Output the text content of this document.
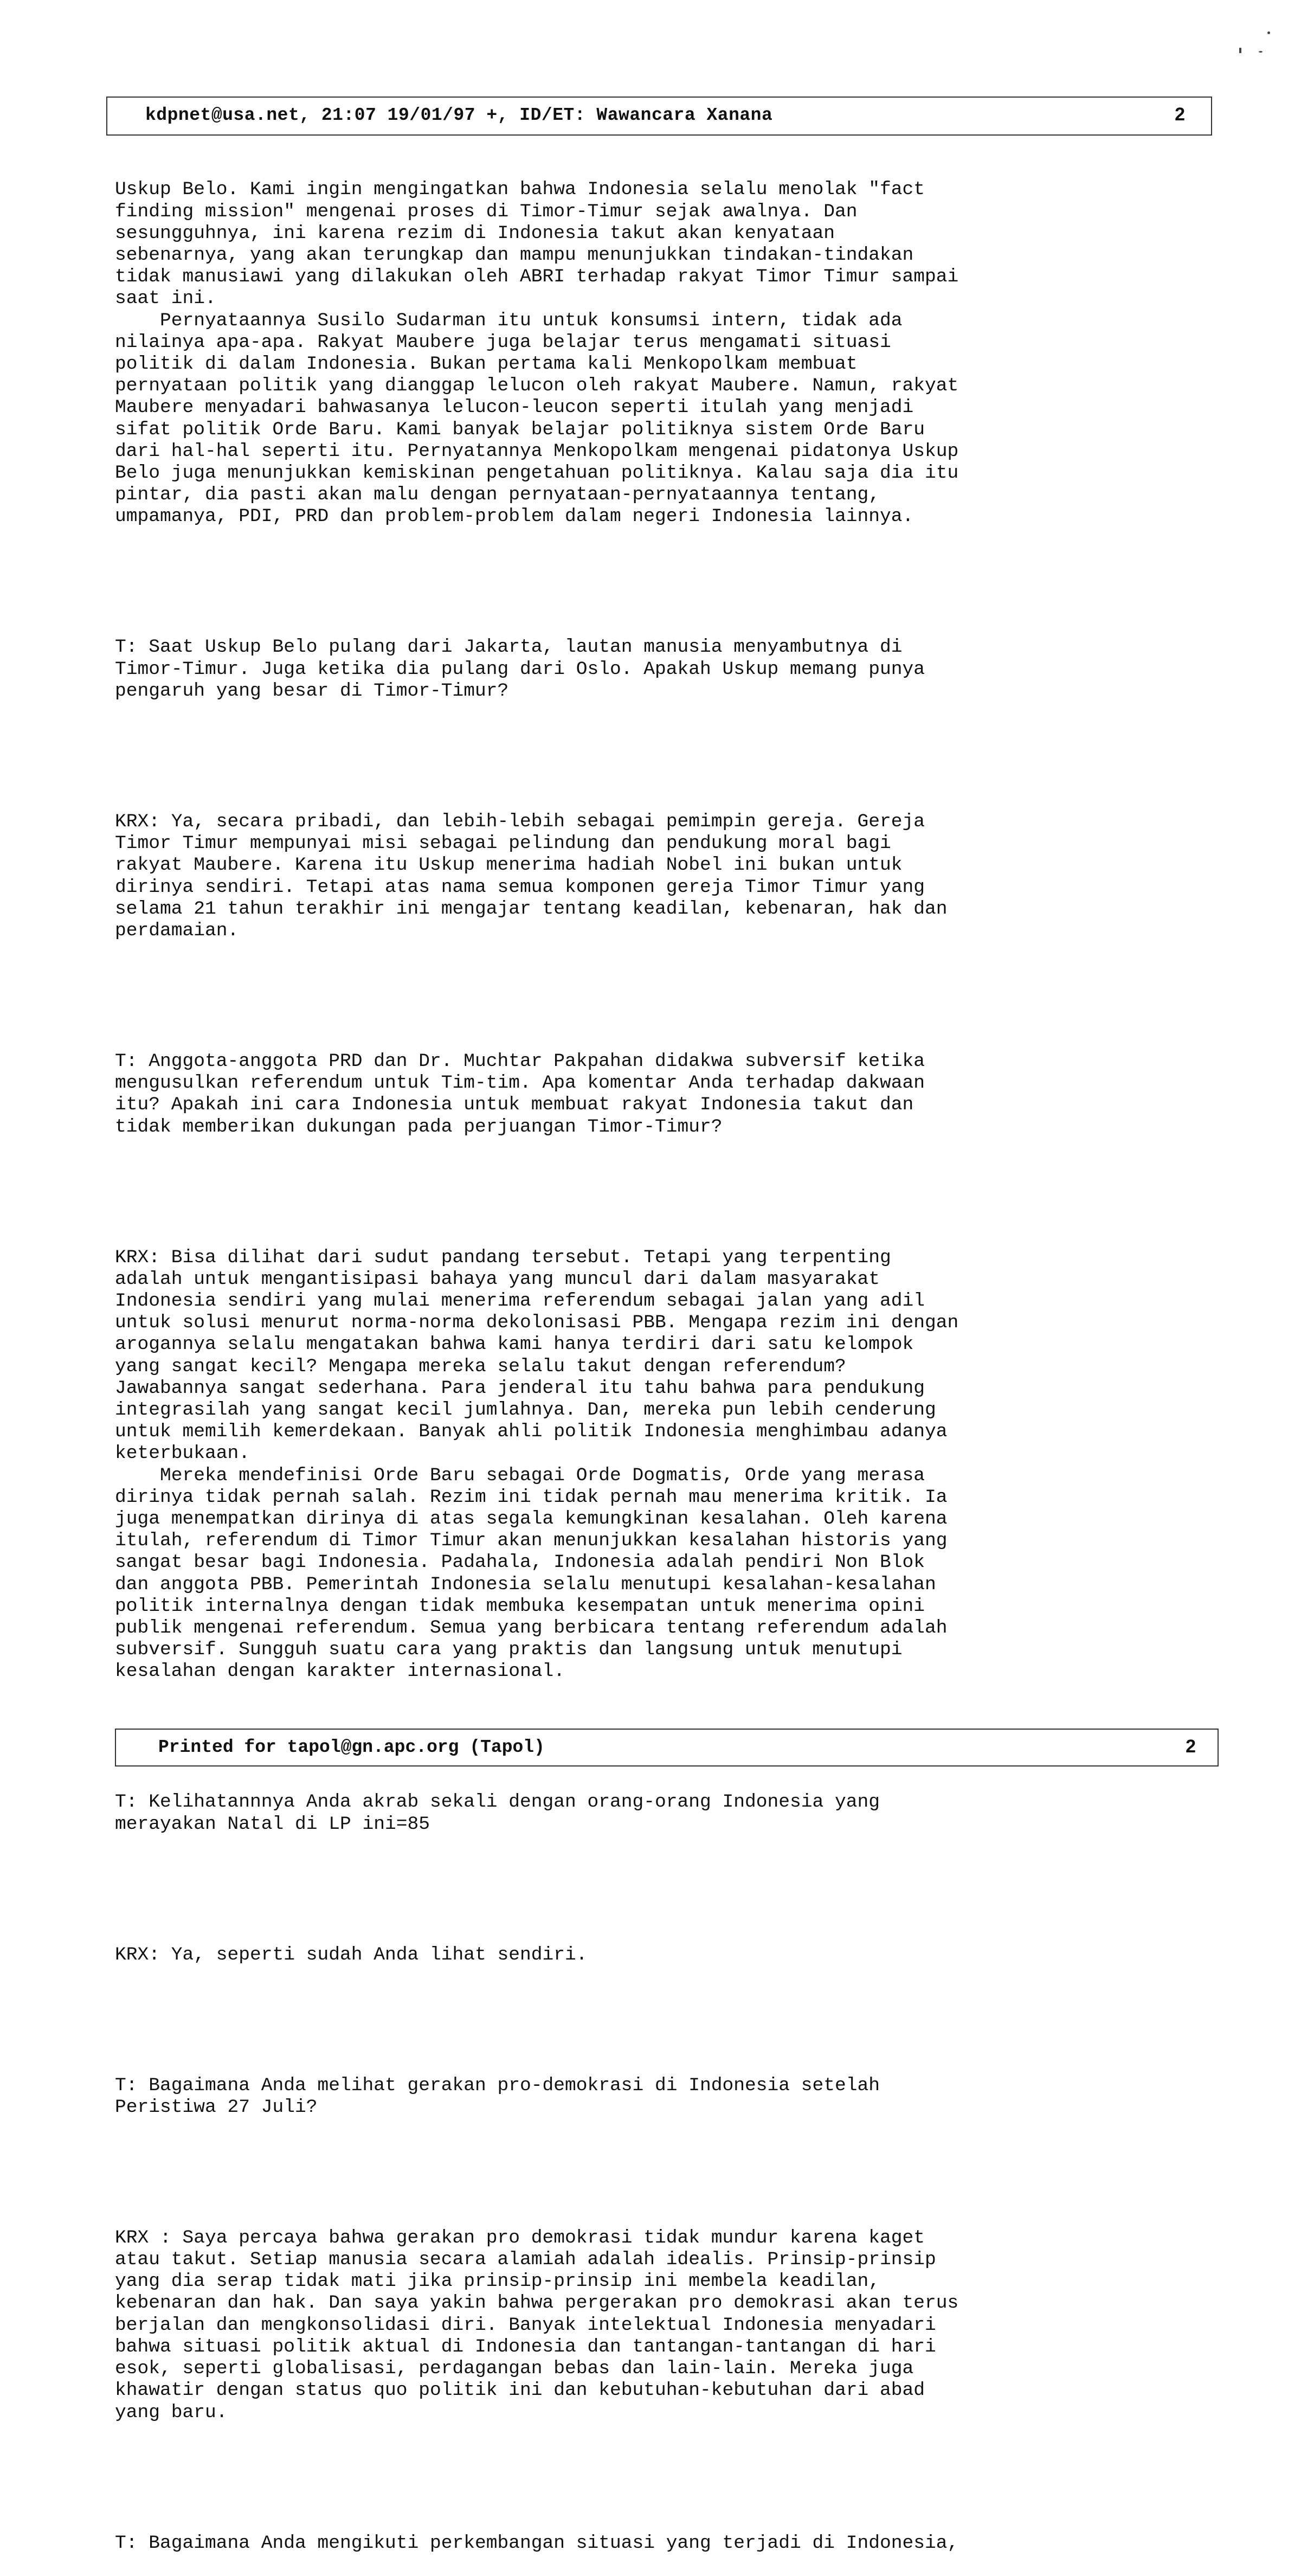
kdpnet@usa.net, 21:07 19/01/97 +, ID/ET: Wawancara Xanana	2

Uskup Belo. Kami ingin mengingatkan bahwa Indonesia selalu menolak "fact
finding mission" mengenai proses di Timor-Timur sejak awalnya. Dan
sesungguhnya, ini karena rezim di Indonesia takut akan kenyataan
sebenarnya, yang akan terungkap dan mampu menunjukkan tindakan-tindakan
tidak manusiawi yang dilakukan oleh ABRI terhadap rakyat Timor Timur sampai
saat ini.
Pernyataannya Susilo Sudarman itu untuk konsumsi intern, tidak ada
nilainya apa-apa. Rakyat Maubere juga belajar terus mengamati situasi
politik di dalam Indonesia. Bukan pertama kali Menkopolkam membuat
pernyataan politik yang dianggap lelucon oleh rakyat Maubere. Namun, rakyat
Maubere menyadari bahwasanya lelucon-leucon seperti itulah yang menjadi
sifat politik Orde Baru. Kami banyak belajar politiknya sistem Orde Baru
dari hal-hal seperti itu. Pernyatannya Menkopolkam mengenai pidatonya Uskup
Belo juga menunjukkan kemiskinan pengetahuan politiknya. Kalau saja dia itu
pintar, dia pasti akan malu dengan pernyataan-pernyataannya tentang,
umpamanya, PDI, PRD dan problem-problem dalam negeri Indonesia lainnya.

T: Saat Uskup Belo pulang dari Jakarta, lautan manusia menyambutnya di
Timor-Timur. Juga ketika dia pulang dari Oslo. Apakah Uskup memang punya
pengaruh yang besar di Timor-Timur?

KRX: Ya, secara pribadi, dan lebih-lebih sebagai pemimpin gereja. Gereja
Timor Timur mempunyai misi sebagai pelindung dan pendukung moral bagi
rakyat Maubere. Karena itu Uskup menerima hadiah Nobel ini bukan untuk
dirinya sendiri. Tetapi atas nama semua komponen gereja Timor Timur yang
selama 21 tahun terakhir ini mengajar tentang keadilan, kebenaran, hak dan
perdamaian.

T: Anggota-anggota PRD dan Dr. Muchtar Pakpahan didakwa subversif ketika
mengusulkan referendum untuk Tim-tim. Apa komentar Anda terhadap dakwaan
itu? Apakah ini cara Indonesia untuk membuat rakyat Indonesia takut dan
tidak memberikan dukungan pada perjuangan Timor-Timur?

KRX: Bisa dilihat dari sudut pandang tersebut. Tetapi yang terpenting
adalah untuk mengantisipasi bahaya yang muncul dari dalam masyarakat
Indonesia sendiri yang mulai menerima referendum sebagai jalan yang adil
untuk solusi menurut norma-norma dekolonisasi PBB. Mengapa rezim ini dengan
arogannya selalu mengatakan bahwa kami hanya terdiri dari satu kelompok
yang sangat kecil? Mengapa mereka selalu takut dengan referendum?
Jawabannya sangat sederhana. Para jenderal itu tahu bahwa para pendukung
integrasilah yang sangat kecil jumlahnya. Dan, mereka pun lebih cenderung
untuk memilih kemerdekaan. Banyak ahli politik Indonesia menghimbau adanya
keterbukaan.
Mereka mendefinisi Orde Baru sebagai Orde Dogmatis, Orde yang merasa
dirinya tidak pernah salah. Rezim ini tidak pernah mau menerima kritik. Ia
juga menempatkan dirinya di atas segala kemungkinan kesalahan. Oleh karena
itulah, referendum di Timor Timur akan menunjukkan kesalahan historis yang
sangat besar bagi Indonesia. Padahala, Indonesia adalah pendiri Non Blok
dan anggota PBB. Pemerintah Indonesia selalu menutupi kesalahan-kesalahan
politik internalnya dengan tidak membuka kesempatan untuk menerima opini
publik mengenai referendum. Semua yang berbicara tentang referendum adalah
subversif. Sungguh suatu cara yang praktis dan langsung untuk menutupi
kesalahan dengan karakter internasional.

T: Kelihatannnya Anda akrab sekali dengan orang-orang Indonesia yang
merayakan Natal di LP ini=85

KRX: Ya, seperti sudah Anda lihat sendiri.

T: Bagaimana Anda melihat gerakan pro-demokrasi di Indonesia setelah
Peristiwa 27 Juli?

KRX : Saya percaya bahwa gerakan pro demokrasi tidak mundur karena kaget
atau takut. Setiap manusia secara alamiah adalah idealis. Prinsip-prinsip
yang dia serap tidak mati jika prinsip-prinsip ini membela keadilan,
kebenaran dan hak. Dan saya yakin bahwa pergerakan pro demokrasi akan terus
berjalan dan mengkonsolidasi diri. Banyak intelektual Indonesia menyadari
bahwa situasi politik aktual di Indonesia dan tantangan-tantangan di hari
esok, seperti globalisasi, perdagangan bebas dan lain-lain. Mereka juga
khawatir dengan status quo politik ini dan kebutuhan-kebutuhan dari abad
yang baru.

T: Bagaimana Anda mengikuti perkembangan situasi yang terjadi di Indonesia,

Printed for tapol@gn.apc.org (Tapol)	2
